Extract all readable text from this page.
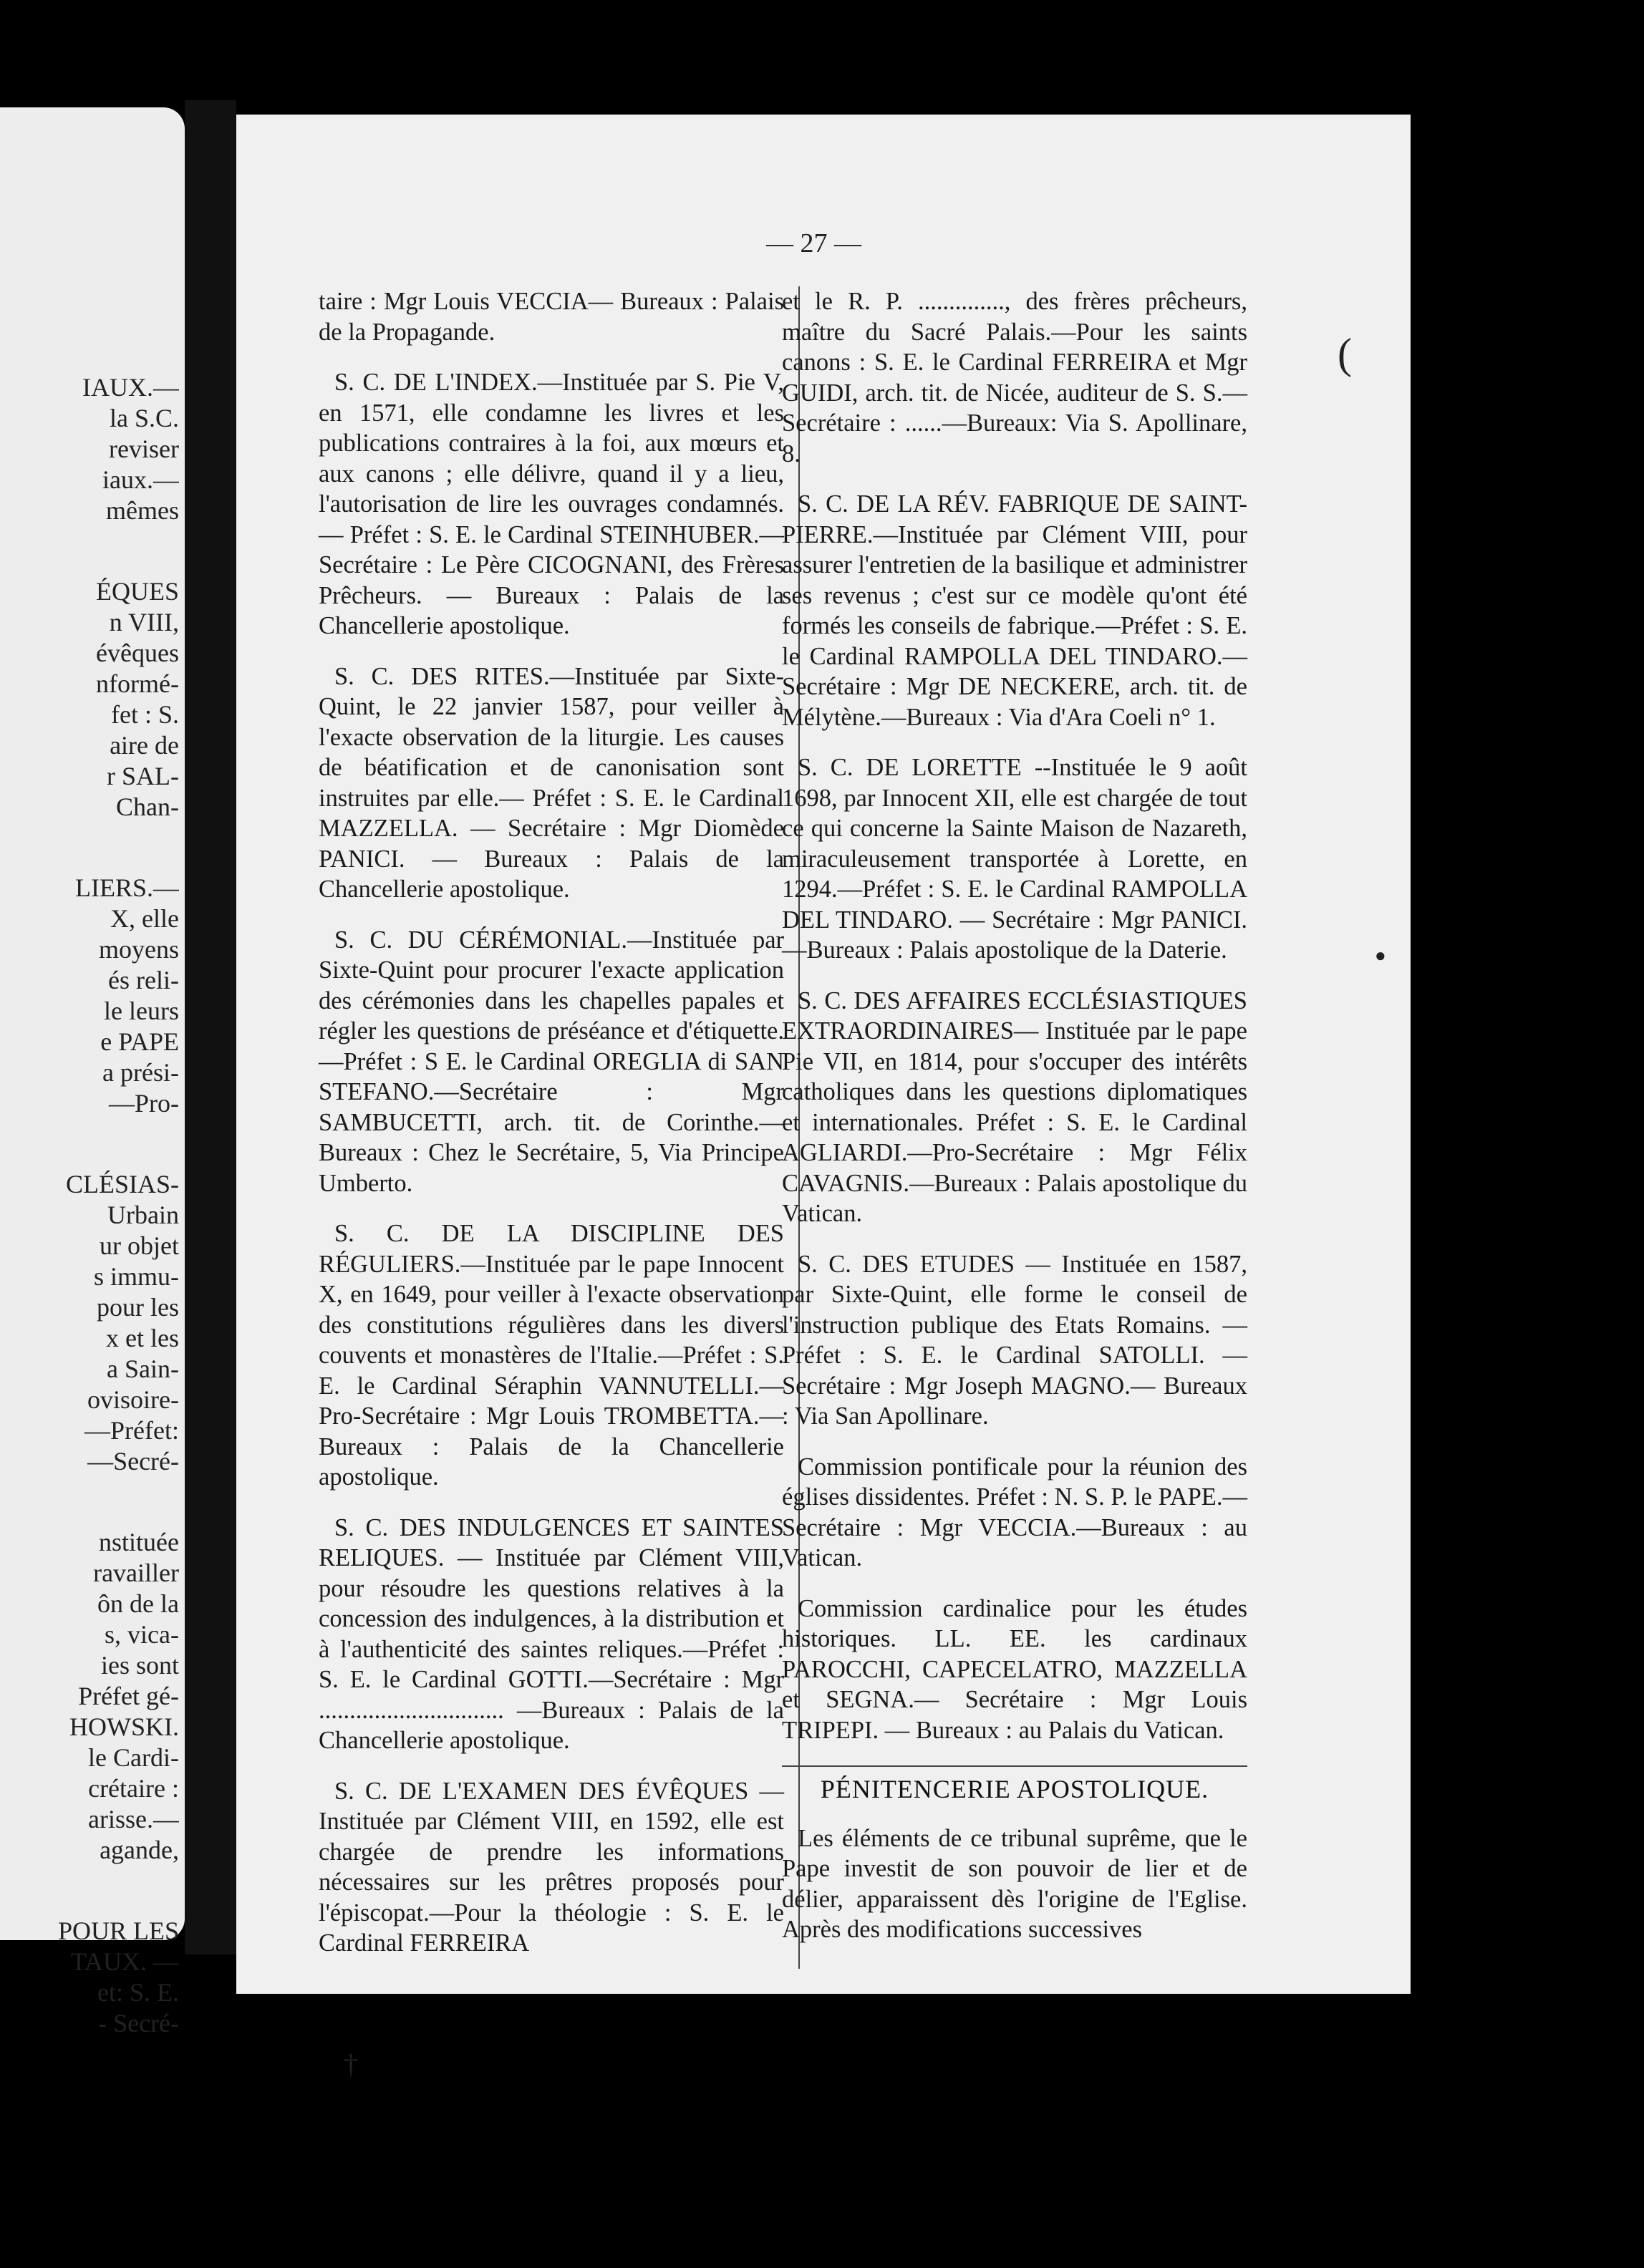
IAUX.—
la S.C.
reviser
iaux.—
mêmes
ÉQUES
n VIII,
évêques
nformé-
fet : S.
aire de
r SAL-
Chan-
LIERS.—
X, elle
moyens
és reli-
le leurs
e PAPE
a prési-
—Pro-
CLÉSIAS-
Urbain
ur objet
s immu-
pour les
x et les
a Sain-
ovisoire-
—Préfet:
—Secré-
nstituée
ravailler
ôn de la
s, vica-
ies sont
Préfet gé-
HOWSKI.
le Cardi-
crétaire :
arisse.—
agande,
POUR LES
TAUX. —
et: S. E.
- Secré-
— 27 —

taire : Mgr Louis VECCIA— Bureaux : Palais de la Propagande.

S. C. DE L'INDEX.—Instituée par S. Pie V, en 1571, elle condamne les livres et les publications contraires à la foi, aux mœurs et aux canons ; elle délivre, quand il y a lieu, l'autorisation de lire les ouvrages condamnés. — Préfet : S. E. le Cardinal STEINHUBER.— Secrétaire : Le Père CICOGNANI, des Frères Prêcheurs. — Bureaux : Palais de la Chancellerie apostolique.

S. C. DES RITES.—Instituée par Sixte-Quint, le 22 janvier 1587, pour veiller à l'exacte observation de la liturgie. Les causes de béatification et de canonisation sont instruites par elle.— Préfet : S. E. le Cardinal MAZZELLA. — Secrétaire : Mgr Diomède PANICI. — Bureaux : Palais de la Chancellerie apostolique.

S. C. DU CÉRÉMONIAL.—Instituée par Sixte-Quint pour procurer l'exacte application des cérémonies dans les chapelles papales et régler les questions de préséance et d'étiquette. —Préfet : S E. le Cardinal OREGLIA di SAN STEFANO.—Secrétaire : Mgr SAMBUCETTI, arch. tit. de Corinthe.— Bureaux : Chez le Secrétaire, 5, Via Principe Umberto.

S. C. DE LA DISCIPLINE DES RÉGULIERS.—Instituée par le pape Innocent X, en 1649, pour veiller à l'exacte observation des constitutions régulières dans les divers couvents et monastères de l'Italie.—Préfet : S. E. le Cardinal Séraphin VANNUTELLI.— Pro-Secrétaire : Mgr Louis TROMBETTA.—Bureaux : Palais de la Chancellerie apostolique.

S. C. DES INDULGENCES ET SAINTES RELIQUES. — Instituée par Clément VIII, pour résoudre les questions relatives à la concession des indulgences, à la distribution et à l'authenticité des saintes reliques.—Préfet : S. E. le Cardinal GOTTI.—Secrétaire : Mgr .............................. —Bureaux : Palais de la Chancellerie apostolique.

S. C. DE L'EXAMEN DES ÉVÊQUES — Instituée par Clément VIII, en 1592, elle est chargée de prendre les informations nécessaires sur les prêtres proposés pour l'épiscopat.—Pour la théologie : S. E. le Cardinal FERREIRA

et le R. P. .............., des frères prêcheurs, maître du Sacré Palais.—Pour les saints canons : S. E. le Cardinal FERREIRA et Mgr GUIDI, arch. tit. de Nicée, auditeur de S. S.—Secrétaire : ......—Bureaux: Via S. Apollinare, 8.

S. C. DE LA RÉV. FABRIQUE DE SAINT-PIERRE.—Instituée par Clément VIII, pour assurer l'entretien de la basilique et administrer ses revenus ; c'est sur ce modèle qu'ont été formés les conseils de fabrique.—Préfet : S. E. le Cardinal RAMPOLLA DEL TINDARO.— Secrétaire : Mgr DE NECKERE, arch. tit. de Mélytène.—Bureaux : Via d'Ara Coeli n° 1.

S. C. DE LORETTE --Instituée le 9 août 1698, par Innocent XII, elle est chargée de tout ce qui concerne la Sainte Maison de Nazareth, miraculeusement transportée à Lorette, en 1294.—Préfet : S. E. le Cardinal RAMPOLLA DEL TINDARO. — Secrétaire : Mgr PANICI.—Bureaux : Palais apostolique de la Daterie.

S. C. DES AFFAIRES ECCLÉSIASTIQUES EXTRAORDINAIRES— Instituée par le pape Pie VII, en 1814, pour s'occuper des intérêts catholiques dans les questions diplomatiques et internationales. Préfet : S. E. le Cardinal AGLIARDI.—Pro-Secrétaire : Mgr Félix CAVAGNIS.—Bureaux : Palais apostolique du Vatican.

S. C. DES ETUDES — Instituée en 1587, par Sixte-Quint, elle forme le conseil de l'instruction publique des Etats Romains. — Préfet : S. E. le Cardinal SATOLLI. — Secrétaire : Mgr Joseph MAGNO.— Bureaux : Via San Apollinare.

Commission pontificale pour la réunion des églises dissidentes. Préfet : N. S. P. le PAPE.—Secrétaire : Mgr VECCIA.—Bureaux : au Vatican.

Commission cardinalice pour les études historiques. LL. EE. les cardinaux PAROCCHI, CAPECELATRO, MAZZELLA et SEGNA.— Secrétaire : Mgr Louis TRIPEPI. — Bureaux : au Palais du Vatican.

PÉNITENCERIE APOSTOLIQUE.

Les éléments de ce tribunal suprême, que le Pape investit de son pouvoir de lier et de délier, apparaissent dès l'origine de l'Eglise. Après des modifications successives

(
●
†
